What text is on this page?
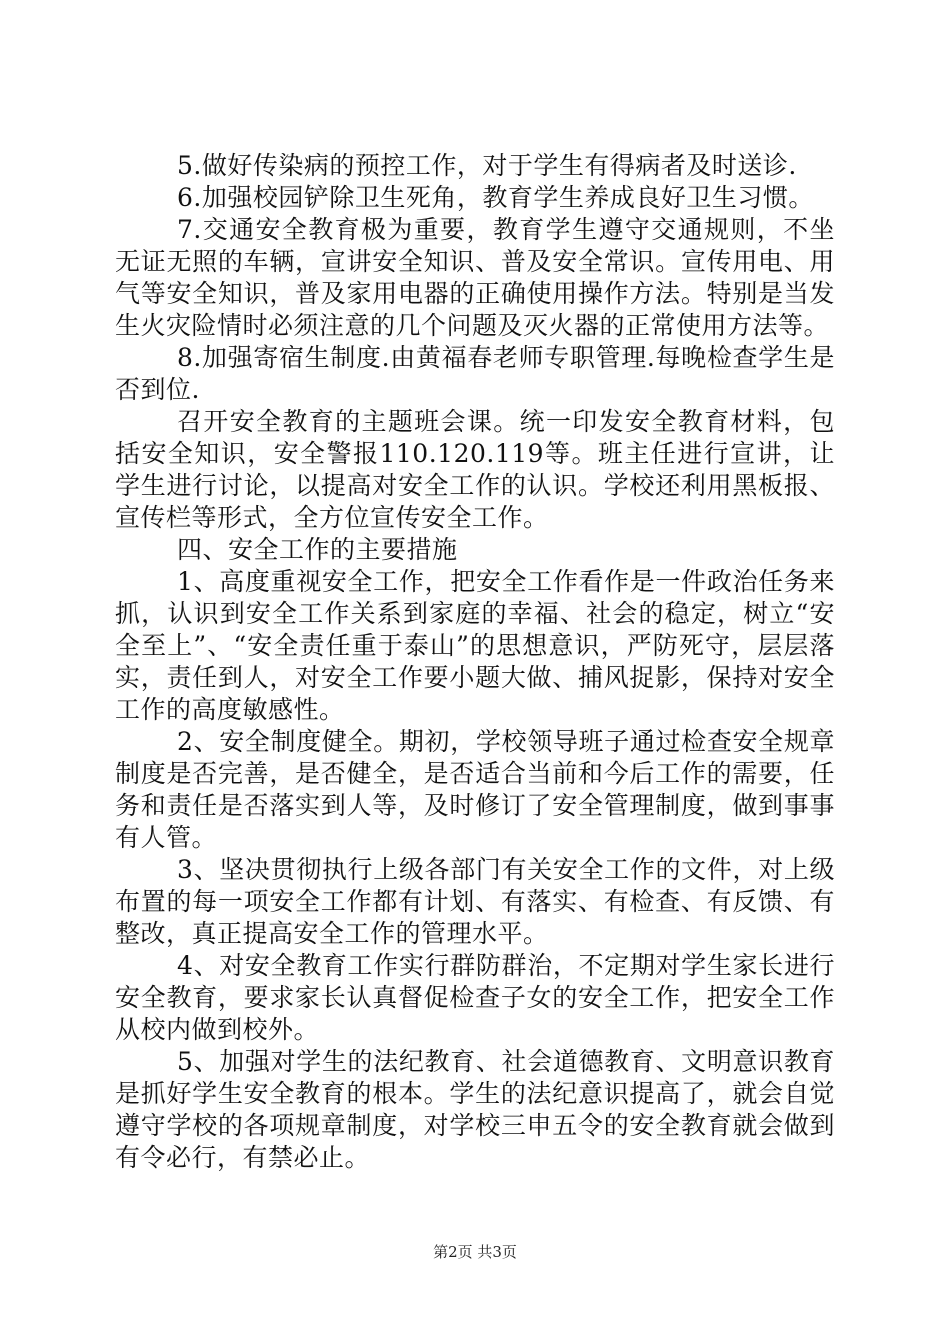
5.做好传染病的预控工作，对于学生有得病者及时送诊.

6.加强校园铲除卫生死角，教育学生养成良好卫生习惯。

7.交通安全教育极为重要，教育学生遵守交通规则，不坐无证无照的车辆，宣讲安全知识、普及安全常识。宣传用电、用气等安全知识，普及家用电器的正确使用操作方法。特别是当发生火灾险情时必须注意的几个问题及灭火器的正常使用方法等。

8.加强寄宿生制度.由黄福春老师专职管理.每晚检查学生是否到位.

召开安全教育的主题班会课。统一印发安全教育材料，包括安全知识，安全警报110.120.119等。班主任进行宣讲，让学生进行讨论，以提高对安全工作的认识。学校还利用黑板报、宣传栏等形式，全方位宣传安全工作。

四、安全工作的主要措施

1、高度重视安全工作，把安全工作看作是一件政治任务来抓，认识到安全工作关系到家庭的幸福、社会的稳定，树立“安全至上”、“安全责任重于泰山”的思想意识，严防死守，层层落实，责任到人，对安全工作要小题大做、捕风捉影，保持对安全工作的高度敏感性。

2、安全制度健全。期初，学校领导班子通过检查安全规章制度是否完善，是否健全，是否适合当前和今后工作的需要，任务和责任是否落实到人等，及时修订了安全管理制度，做到事事有人管。

3、坚决贯彻执行上级各部门有关安全工作的文件，对上级布置的每一项安全工作都有计划、有落实、有检查、有反馈、有整改，真正提高安全工作的管理水平。

4、对安全教育工作实行群防群治，不定期对学生家长进行安全教育，要求家长认真督促检查子女的安全工作，把安全工作从校内做到校外。

5、加强对学生的法纪教育、社会道德教育、文明意识教育是抓好学生安全教育的根本。学生的法纪意识提高了，就会自觉遵守学校的各项规章制度，对学校三申五令的安全教育就会做到有令必行，有禁必止。

第2页 共3页
